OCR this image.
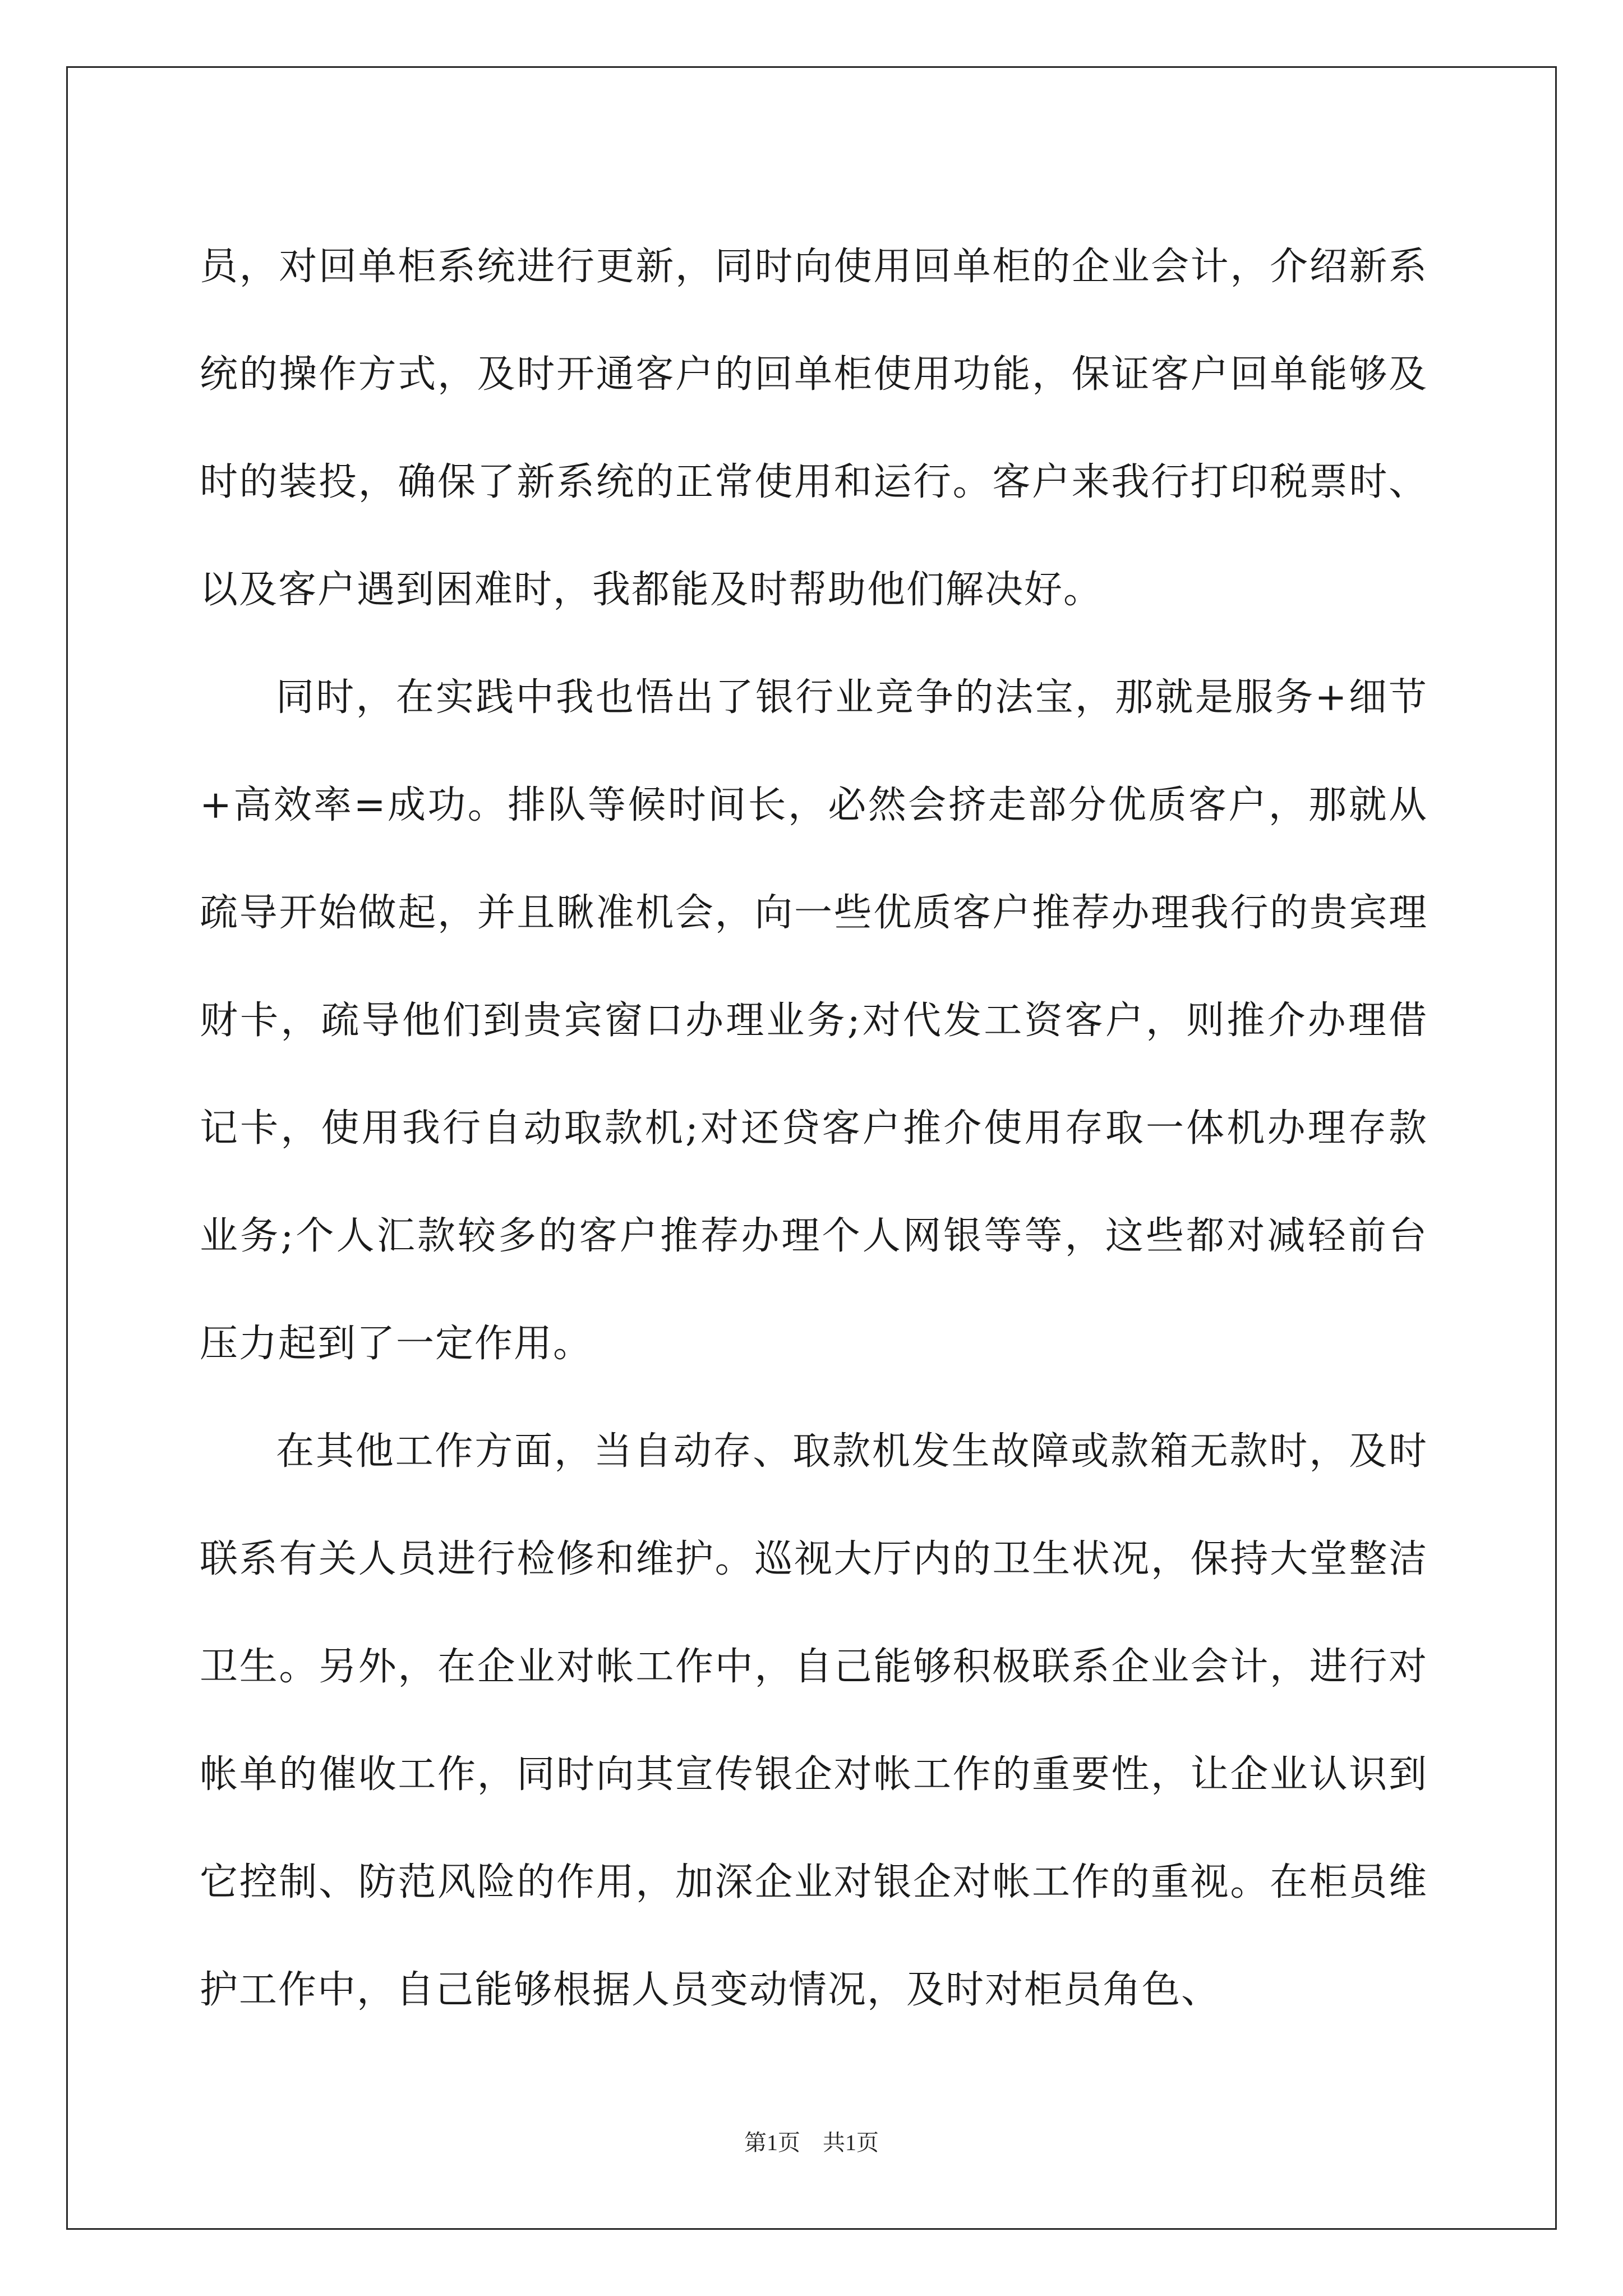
员，对回单柜系统进行更新，同时向使用回单柜的企业会计，介绍新系统的操作方式，及时开通客户的回单柜使用功能，保证客户回单能够及时的装投，确保了新系统的正常使用和运行。客户来我行打印税票时、以及客户遇到困难时，我都能及时帮助他们解决好。

同时，在实践中我也悟出了银行业竞争的法宝，那就是服务+细节+高效率=成功。排队等候时间长，必然会挤走部分优质客户，那就从疏导开始做起，并且瞅准机会，向一些优质客户推荐办理我行的贵宾理财卡，疏导他们到贵宾窗口办理业务;对代发工资客户，则推介办理借记卡，使用我行自动取款机;对还贷客户推介使用存取一体机办理存款业务;个人汇款较多的客户推荐办理个人网银等等，这些都对减轻前台压力起到了一定作用。

在其他工作方面，当自动存、取款机发生故障或款箱无款时，及时联系有关人员进行检修和维护。巡视大厅内的卫生状况，保持大堂整洁卫生。另外，在企业对帐工作中，自己能够积极联系企业会计，进行对帐单的催收工作，同时向其宣传银企对帐工作的重要性，让企业认识到它控制、防范风险的作用，加深企业对银企对帐工作的重视。在柜员维护工作中，自己能够根据人员变动情况，及时对柜员角色、

第1页 共1页
